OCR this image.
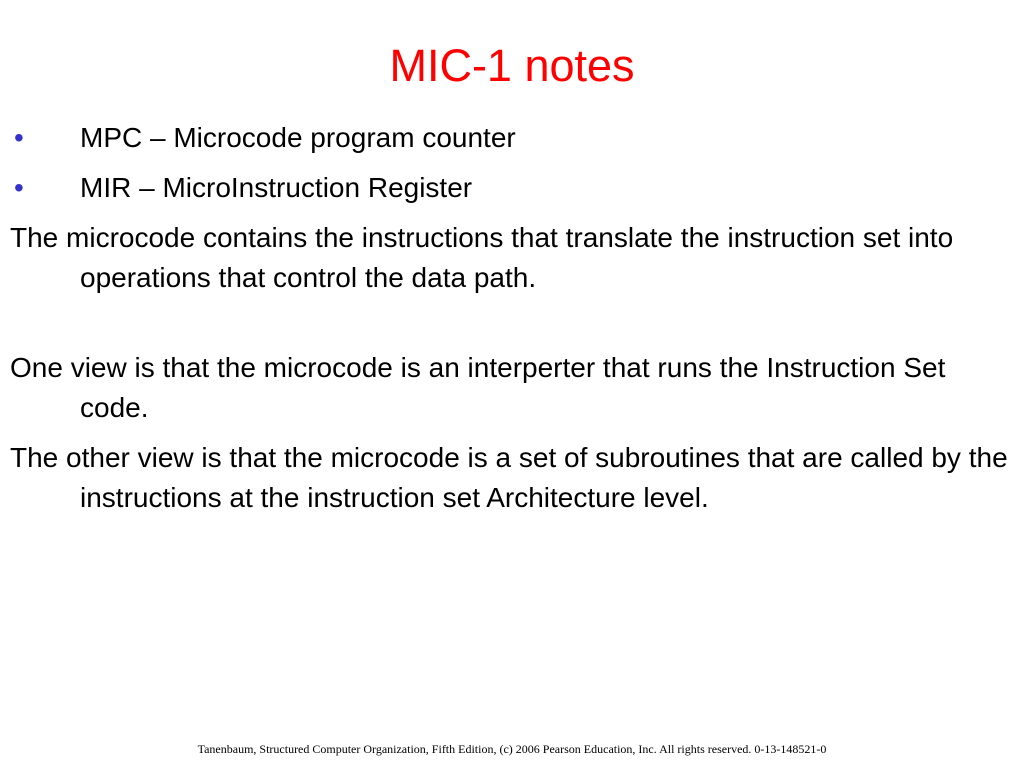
MIC-1 notes
• MPC – Microcode program counter
• MIR – MicroInstruction Register
The microcode contains the instructions that translate the instruction set into operations that control the data path.
One view is that the microcode is an interperter that runs the Instruction Set code.
The other view is that the microcode is a set of subroutines that are called by the instructions at the instruction set Architecture level.
Tanenbaum, Structured Computer Organization, Fifth Edition, (c) 2006 Pearson Education, Inc. All rights reserved. 0-13-148521-0
